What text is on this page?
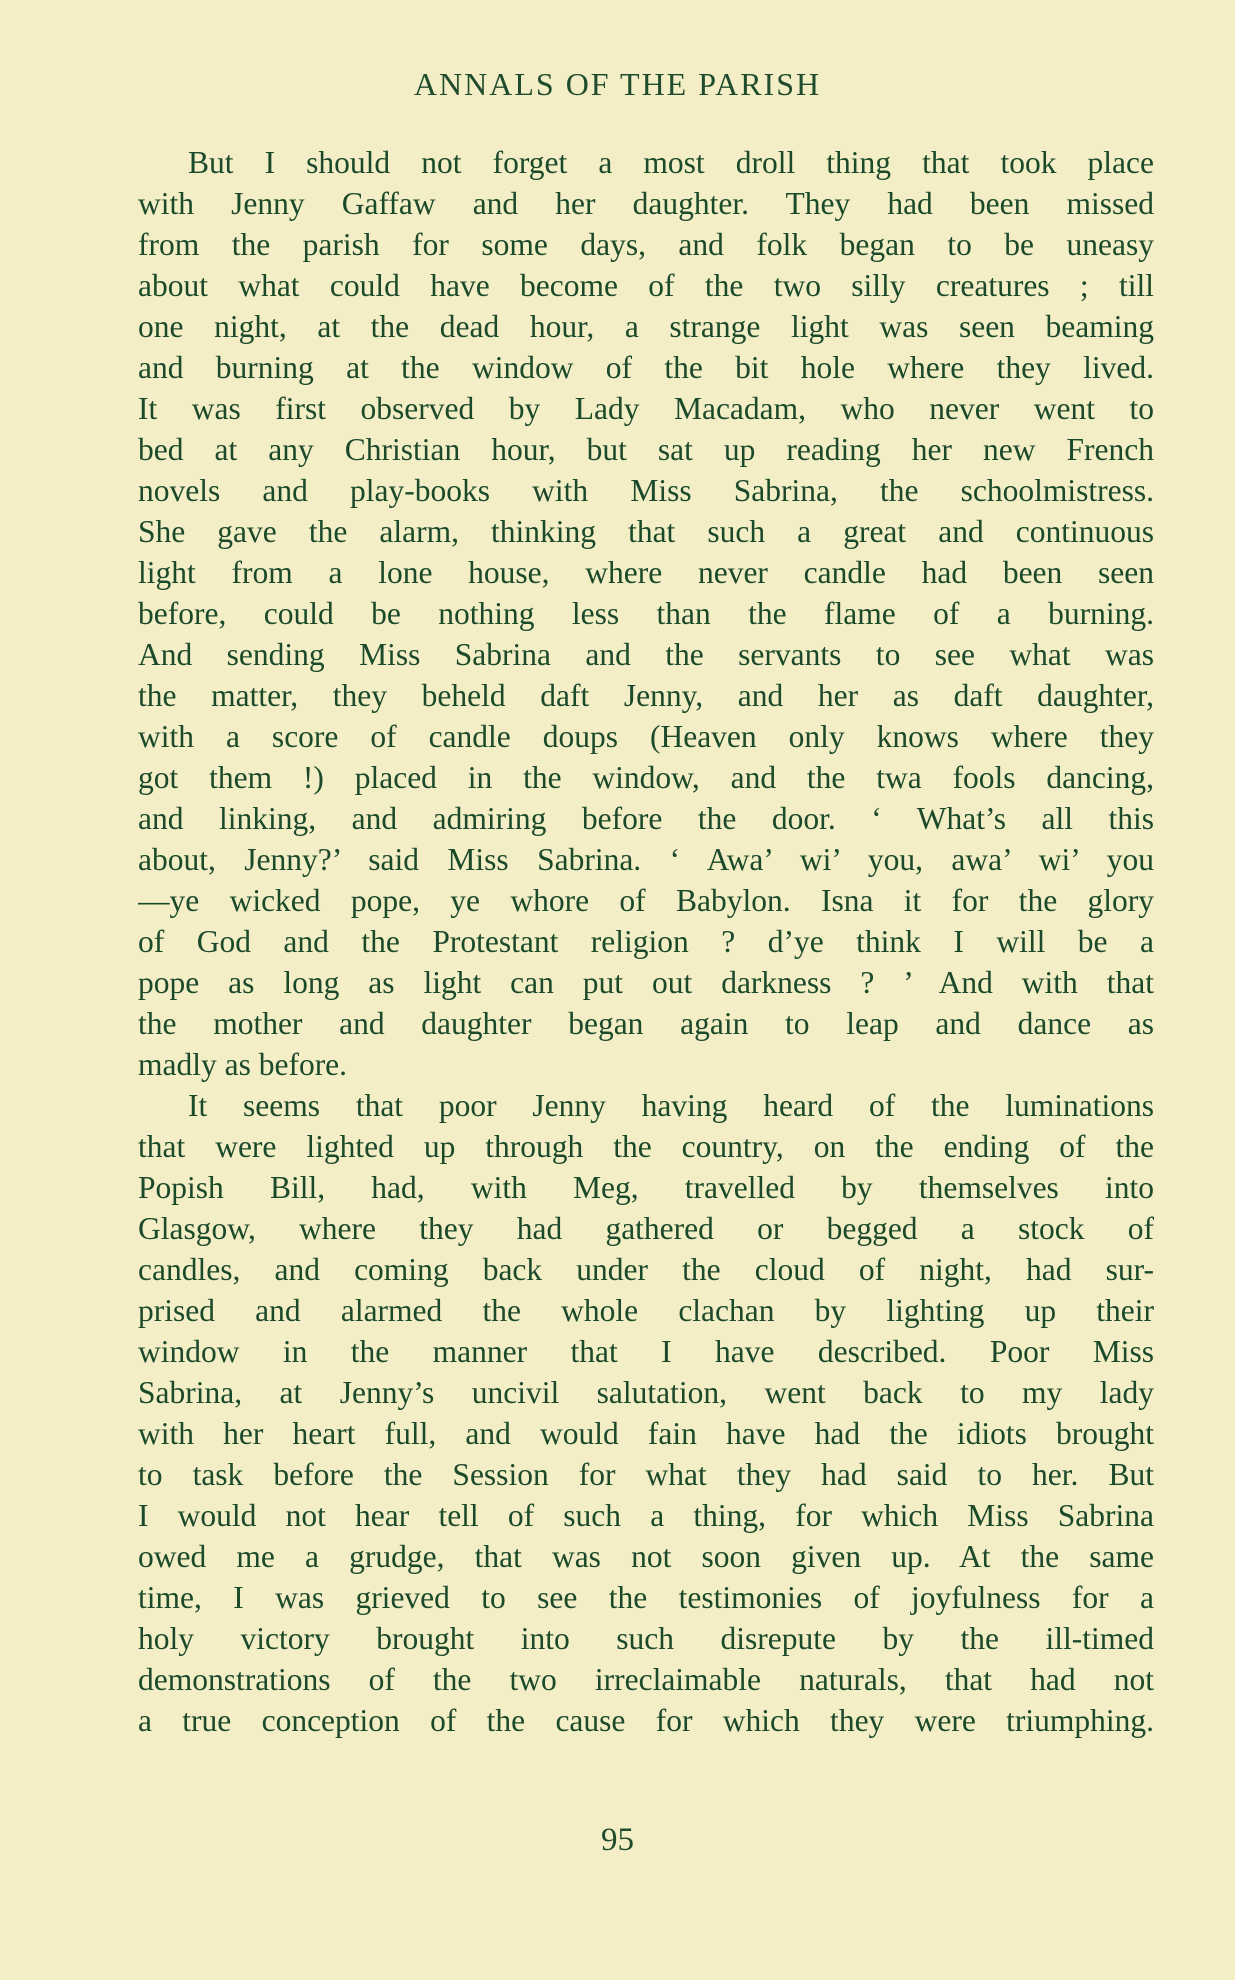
ANNALS OF THE PARISH
But I should not forget a most droll thing that took place
with Jenny Gaffaw and her daughter. They had been missed
from the parish for some days, and folk began to be uneasy
about what could have become of the two silly creatures ; till
one night, at the dead hour, a strange light was seen beaming
and burning at the window of the bit hole where they lived.
It was first observed by Lady Macadam, who never went to
bed at any Christian hour, but sat up reading her new French
novels and play-books with Miss Sabrina, the schoolmistress.
She gave the alarm, thinking that such a great and continuous
light from a lone house, where never candle had been seen
before, could be nothing less than the flame of a burning.
And sending Miss Sabrina and the servants to see what was
the matter, they beheld daft Jenny, and her as daft daughter,
with a score of candle doups (Heaven only knows where they
got them !) placed in the window, and the twa fools dancing,
and linking, and admiring before the door. ‘ What’s all this
about, Jenny?’ said Miss Sabrina. ‘ Awa’ wi’ you, awa’ wi’ you
—ye wicked pope, ye whore of Babylon. Isna it for the glory
of God and the Protestant religion ? d’ye think I will be a
pope as long as light can put out darkness ? ’ And with that
the mother and daughter began again to leap and dance as
madly as before.
It seems that poor Jenny having heard of the luminations
that were lighted up through the country, on the ending of the
Popish Bill, had, with Meg, travelled by themselves into
Glasgow, where they had gathered or begged a stock of
candles, and coming back under the cloud of night, had sur-
prised and alarmed the whole clachan by lighting up their
window in the manner that I have described. Poor Miss
Sabrina, at Jenny’s uncivil salutation, went back to my lady
with her heart full, and would fain have had the idiots brought
to task before the Session for what they had said to her. But
I would not hear tell of such a thing, for which Miss Sabrina
owed me a grudge, that was not soon given up. At the same
time, I was grieved to see the testimonies of joyfulness for a
holy victory brought into such disrepute by the ill-timed
demonstrations of the two irreclaimable naturals, that had not
a true conception of the cause for which they were triumphing.
95
